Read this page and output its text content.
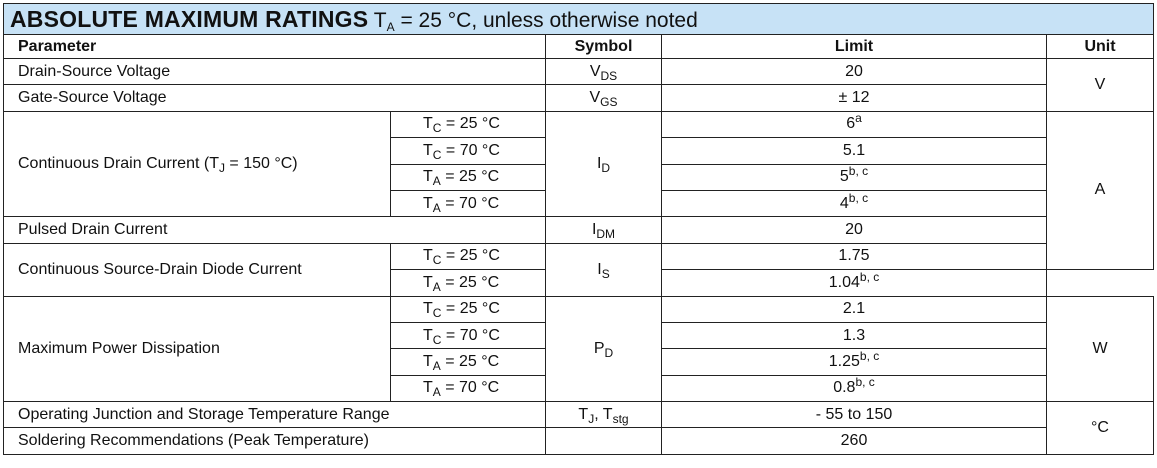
ABSOLUTE MAXIMUM RATINGS $T_A = 25$ °C, unless otherwise noted				
Parameter		Symbol	Limit	Unit
Drain-Source Voltage		$V_{DS}$	20	V
Gate-Source Voltage		$V_{GS}$	± 12	
Continuous Drain Current ($T_J = 150$ °C)	$T_C = 25$ °C	$I_D$	6$^a$	A
	$T_C = 70$ °C		5.1	
	$T_A = 25$ °C		5$^{b, c}$
	$T_A = 70$ °C		4$^{b, c}$
Pulsed Drain Current		$I_{DM}$	20	
Continuous Source-Drain Diode Current	$T_C = 25$ °C	$I_S$	1.75	
	$T_A = 25$ °C		1.04$^{b, c}$
Maximum Power Dissipation	$T_C = 25$ °C	$P_D$	2.1	W
	$T_C = 70$ °C		1.3	
	$T_A = 25$ °C		1.25$^{b, c}$
	$T_A = 70$ °C		0.8$^{b, c}$
Operating Junction and Storage Temperature Range		$T_J$, $T_{stg}$	- 55 to 150	°C
Soldering Recommendations (Peak Temperature)			260	
